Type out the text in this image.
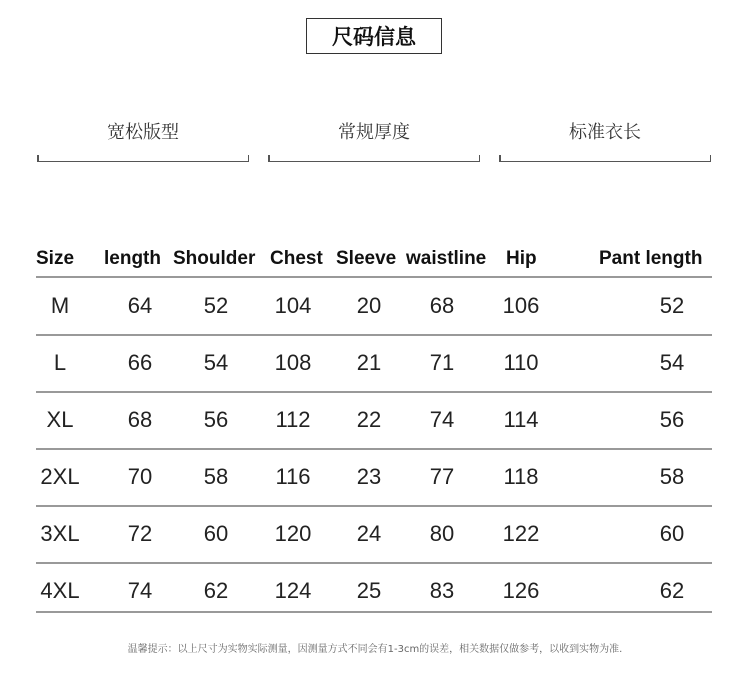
尺码信息
宽松版型	常规厚度	标准衣长
Size length Shoulder Chest Sleeve waistline Hip	Pant length
M	64 52 104 20 68 106	52
L	66 54 108 21 71 110	54
XL 68 56 112 22 74 114	56
2XL 70 58 116 23 77 118	58
3XL 72 60 120 24 80 122	60
4XL 74 62 124 25 83 126	62
温馨提示：以上尺寸为实物实际测量，因测量方式不同会有1-3cm的误差，相关数据仅做参考，以收到实物为准.
